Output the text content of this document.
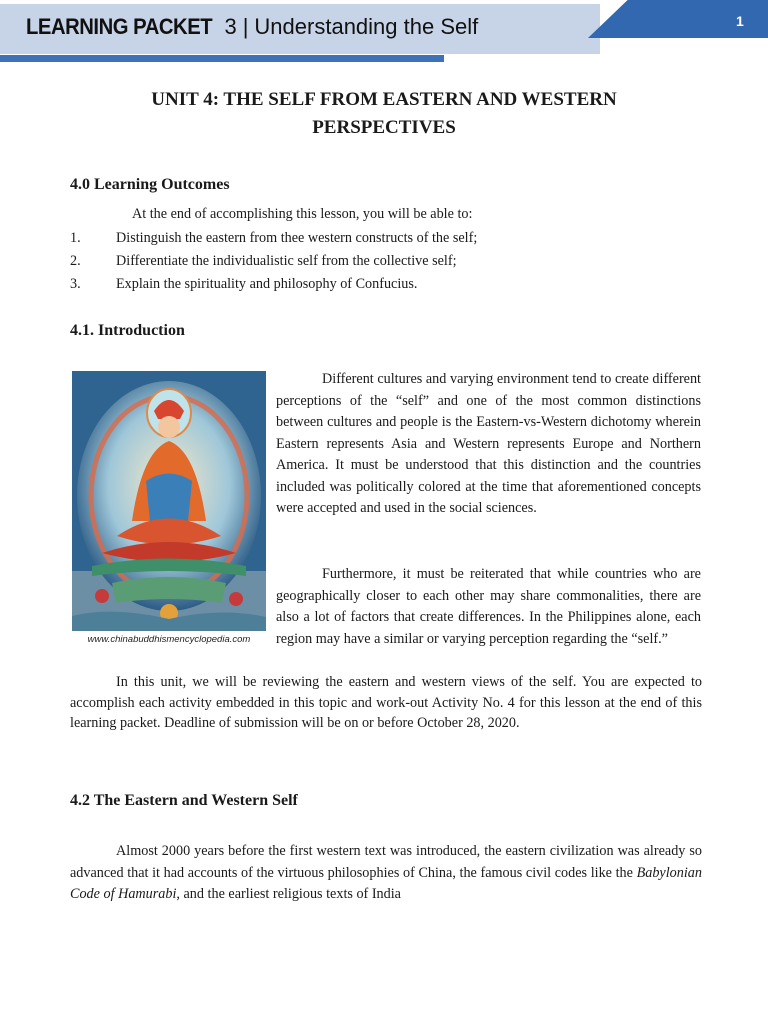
LEARNING PACKET 3 | Understanding the Self	1
UNIT 4: THE SELF FROM EASTERN AND WESTERN
PERSPECTIVES
4.0 Learning Outcomes
At the end of accomplishing this lesson, you will be able to:
1. Distinguish the eastern from thee western constructs of the self;
2. Differentiate the individualistic self from the collective self;
3. Explain the spirituality and philosophy of Confucius.
4.1. Introduction
www.chinabuddhismencyclopedia.com
Different cultures and varying environment tend to create different perceptions of the “self” and one of the most common distinctions between cultures and people is the Eastern-vs-Western dichotomy wherein Eastern represents Asia and Western represents Europe and Northern America. It must be understood that this distinction and the countries included was politically colored at the time that aforementioned concepts were accepted and used in the social sciences.
Furthermore, it must be reiterated that while countries who are geographically closer to each other may share commonalities, there are also a lot of factors that create differences. In the Philippines alone, each region may have a similar or varying perception regarding the “self.”
In this unit, we will be reviewing the eastern and western views of the self. You are expected to accomplish each activity embedded in this topic and work-out Activity No. 4 for this lesson at the end of this learning packet. Deadline of submission will be on or before October 28, 2020.
4.2 The Eastern and Western Self
Almost 2000 years before the first western text was introduced, the eastern civilization was already so advanced that it had accounts of the virtuous philosophies of China, the famous civil codes like the Babylonian Code of Hamurabi, and the earliest religious texts of India
